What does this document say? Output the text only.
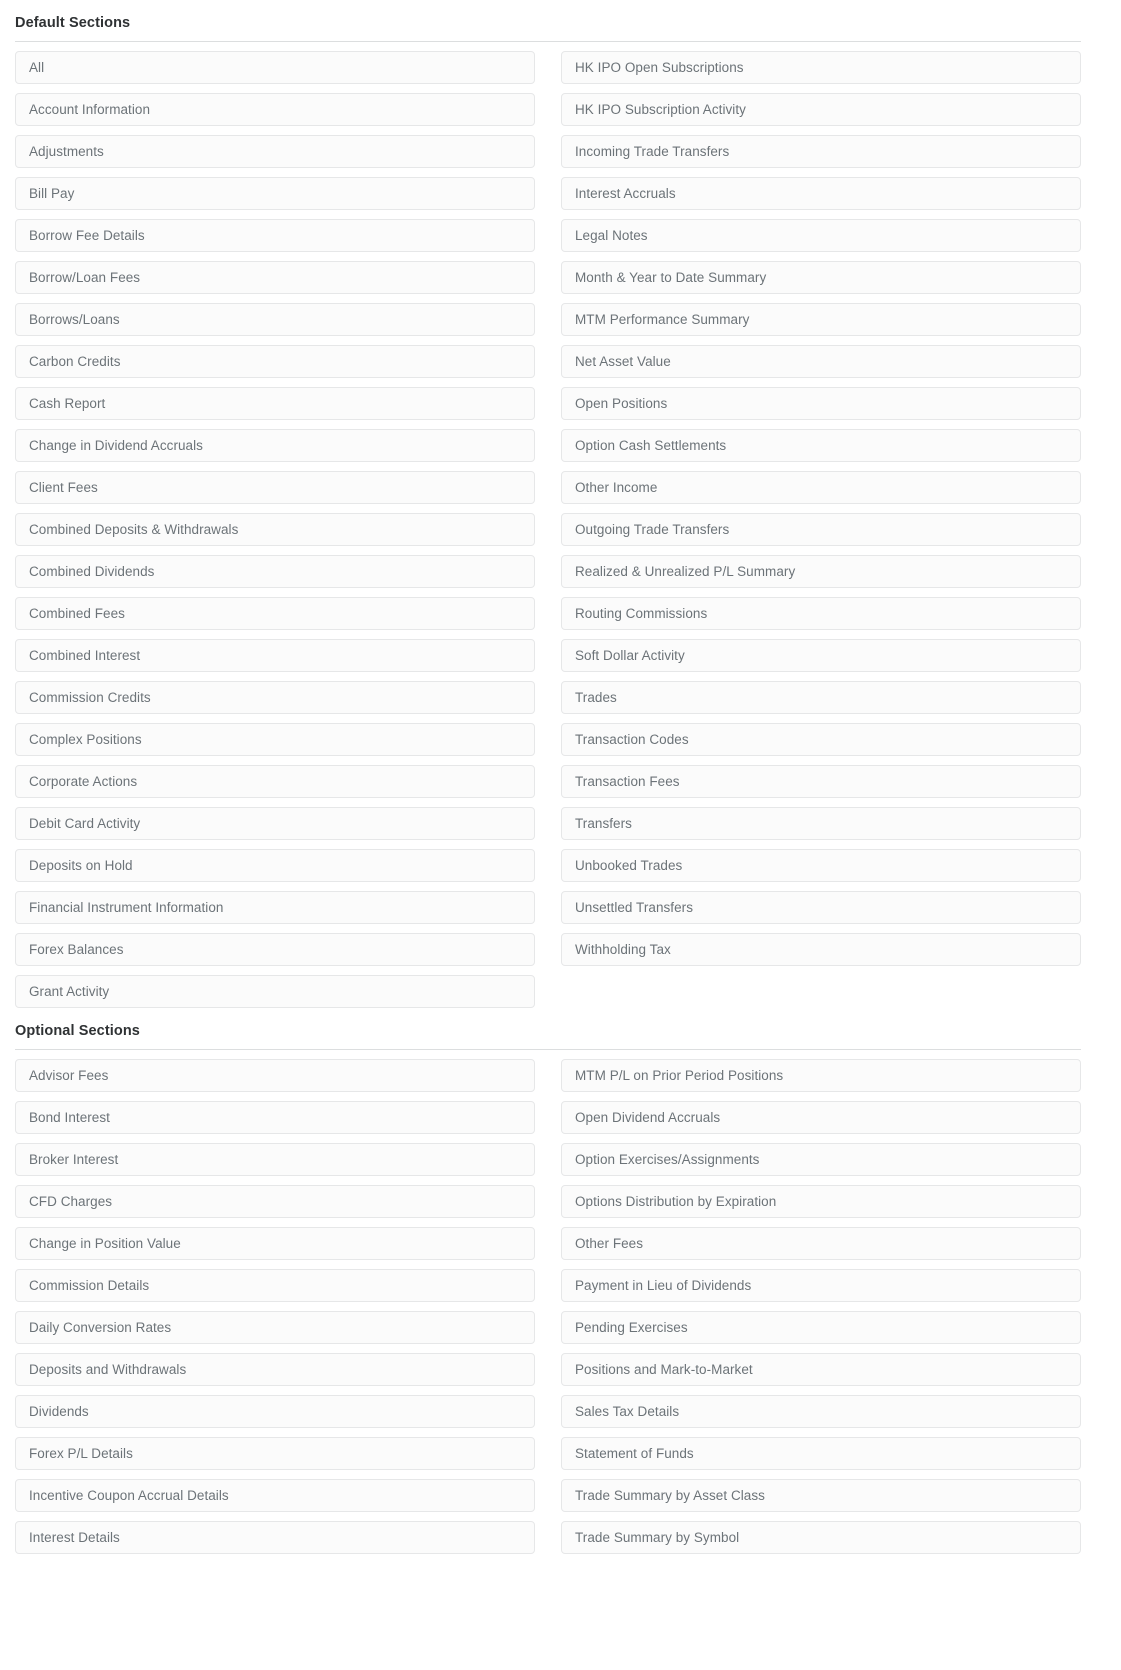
Default Sections
All
Account Information
Adjustments
Bill Pay
Borrow Fee Details
Borrow/Loan Fees
Borrows/Loans
Carbon Credits
Cash Report
Change in Dividend Accruals
Client Fees
Combined Deposits & Withdrawals
Combined Dividends
Combined Fees
Combined Interest
Commission Credits
Complex Positions
Corporate Actions
Debit Card Activity
Deposits on Hold
Financial Instrument Information
Forex Balances
Grant Activity
HK IPO Open Subscriptions
HK IPO Subscription Activity
Incoming Trade Transfers
Interest Accruals
Legal Notes
Month & Year to Date Summary
MTM Performance Summary
Net Asset Value
Open Positions
Option Cash Settlements
Other Income
Outgoing Trade Transfers
Realized & Unrealized P/L Summary
Routing Commissions
Soft Dollar Activity
Trades
Transaction Codes
Transaction Fees
Transfers
Unbooked Trades
Unsettled Transfers
Withholding Tax
Optional Sections
Advisor Fees
Bond Interest
Broker Interest
CFD Charges
Change in Position Value
Commission Details
Daily Conversion Rates
Deposits and Withdrawals
Dividends
Forex P/L Details
Incentive Coupon Accrual Details
Interest Details
MTM P/L on Prior Period Positions
Open Dividend Accruals
Option Exercises/Assignments
Options Distribution by Expiration
Other Fees
Payment in Lieu of Dividends
Pending Exercises
Positions and Mark-to-Market
Sales Tax Details
Statement of Funds
Trade Summary by Asset Class
Trade Summary by Symbol
